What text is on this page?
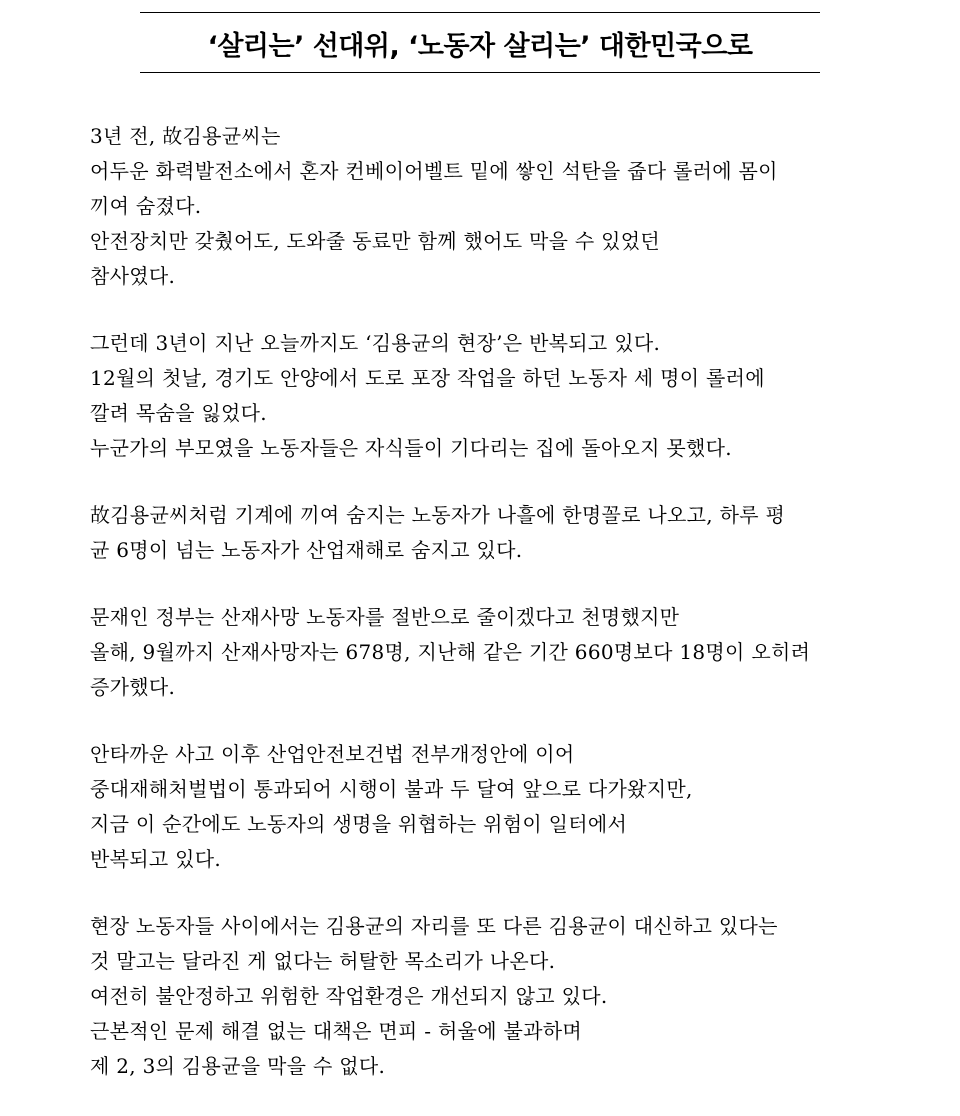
‘살리는’ 선대위, ‘노동자 살리는’ 대한민국으로
3년 전, 故김용균씨는
어두운 화력발전소에서 혼자 컨베이어벨트 밑에 쌓인 석탄을 줍다 롤러에 몸이
끼여 숨졌다.
안전장치만 갖췄어도, 도와줄 동료만 함께 했어도 막을 수 있었던
참사였다.
그런데 3년이 지난 오늘까지도 ‘김용균의 현장’은 반복되고 있다.
12월의 첫날, 경기도 안양에서 도로 포장 작업을 하던 노동자 세 명이 롤러에
깔려 목숨을 잃었다.
누군가의 부모였을 노동자들은 자식들이 기다리는 집에 돌아오지 못했다.
故김용균씨처럼 기계에 끼여 숨지는 노동자가 나흘에 한명꼴로 나오고, 하루 평
균 6명이 넘는 노동자가 산업재해로 숨지고 있다.
문재인 정부는 산재사망 노동자를 절반으로 줄이겠다고 천명했지만
올해, 9월까지 산재사망자는 678명, 지난해 같은 기간 660명보다 18명이 오히려
증가했다.
안타까운 사고 이후 산업안전보건법 전부개정안에 이어
중대재해처벌법이 통과되어 시행이 불과 두 달여 앞으로 다가왔지만,
지금 이 순간에도 노동자의 생명을 위협하는 위험이 일터에서
반복되고 있다.
현장 노동자들 사이에서는 김용균의 자리를 또 다른 김용균이 대신하고 있다는
것 말고는 달라진 게 없다는 허탈한 목소리가 나온다.
여전히 불안정하고 위험한 작업환경은 개선되지 않고 있다.
근본적인 문제 해결 없는 대책은 면피 - 허울에 불과하며
제 2, 3의 김용균을 막을 수 없다.
